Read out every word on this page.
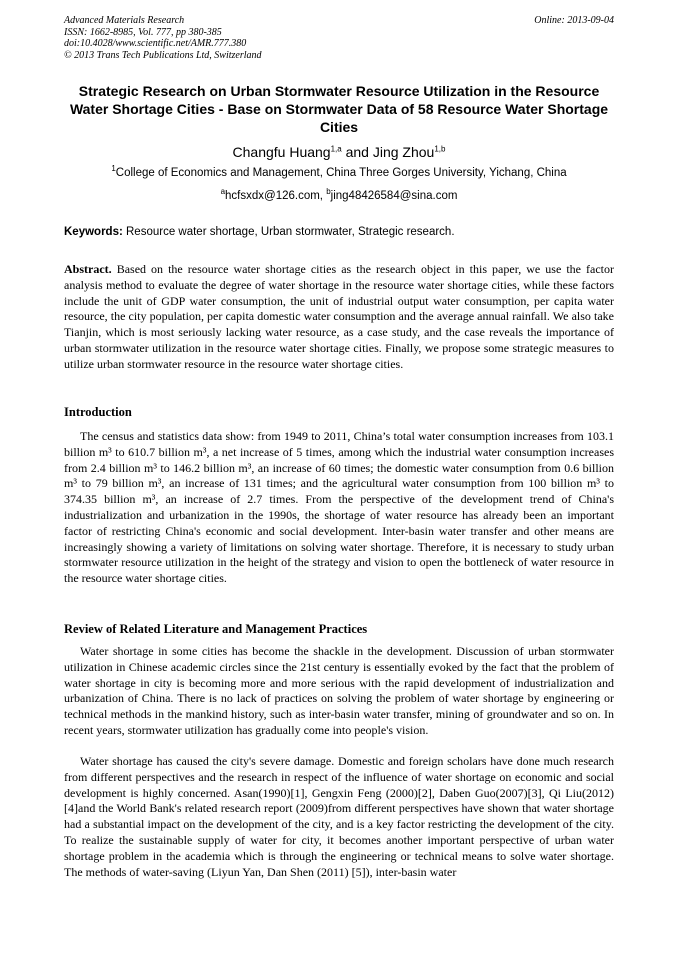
Advanced Materials Research
ISSN: 1662-8985, Vol. 777, pp 380-385
doi:10.4028/www.scientific.net/AMR.777.380
© 2013 Trans Tech Publications Ltd, Switzerland
Online: 2013-09-04
Strategic Research on Urban Stormwater Resource Utilization in the Resource Water Shortage Cities - Base on Stormwater Data of 58 Resource Water Shortage Cities
Changfu Huang$^{1,a}$ and Jing Zhou$^{1,b}$
$^1$College of Economics and Management, China Three Gorges University, Yichang, China
$^a$hcfsxdx@126.com, $^b$jing48426584@sina.com
Keywords: Resource water shortage, Urban stormwater, Strategic research.

Abstract. Based on the resource water shortage cities as the research object in this paper, we use the factor analysis method to evaluate the degree of water shortage in the resource water shortage cities, while these factors include the unit of GDP water consumption, the unit of industrial output water consumption, per capita water resource, the city population, per capita domestic water consumption and the average annual rainfall. We also take Tianjin, which is most seriously lacking water resource, as a case study, and the case reveals the importance of urban stormwater utilization in the resource water shortage cities. Finally, we propose some strategic measures to utilize urban stormwater resource in the resource water shortage cities.

Introduction

The census and statistics data show: from 1949 to 2011, China’s total water consumption increases from 103.1 billion m³ to 610.7 billion m³, a net increase of 5 times, among which the industrial water consumption increases from 2.4 billion m³ to 146.2 billion m³, an increase of 60 times; the domestic water consumption from 0.6 billion m³ to 79 billion m³, an increase of 131 times; and the agricultural water consumption from 100 billion m³ to 374.35 billion m³, an increase of 2.7 times. From the perspective of the development trend of China's industrialization and urbanization in the 1990s, the shortage of water resource has already been an important factor of restricting China's economic and social development. Inter-basin water transfer and other means are increasingly showing a variety of limitations on solving water shortage. Therefore, it is necessary to study urban stormwater resource utilization in the height of the strategy and vision to open the bottleneck of water resource in the resource water shortage cities.

Review of Related Literature and Management Practices

Water shortage in some cities has become the shackle in the development. Discussion of urban stormwater utilization in Chinese academic circles since the 21st century is essentially evoked by the fact that the problem of water shortage in city is becoming more and more serious with the rapid development of industrialization and urbanization of China. There is no lack of practices on solving the problem of water shortage by engineering or technical methods in the mankind history, such as inter-basin water transfer, mining of groundwater and so on. In recent years, stormwater utilization has gradually come into people's vision.

Water shortage has caused the city's severe damage. Domestic and foreign scholars have done much research from different perspectives and the research in respect of the influence of water shortage on economic and social development is highly concerned. Asan(1990)[1], Gengxin Feng (2000)[2], Daben Guo(2007)[3], Qi Liu(2012)[4]and the World Bank's related research report (2009)from different perspectives have shown that water shortage had a substantial impact on the development of the city, and is a key factor restricting the development of the city. To realize the sustainable supply of water for city, it becomes another important perspective of urban water shortage problem in the academia which is through the engineering or technical means to solve water shortage. The methods of water-saving (Liyun Yan, Dan Shen (2011) [5]), inter-basin water
